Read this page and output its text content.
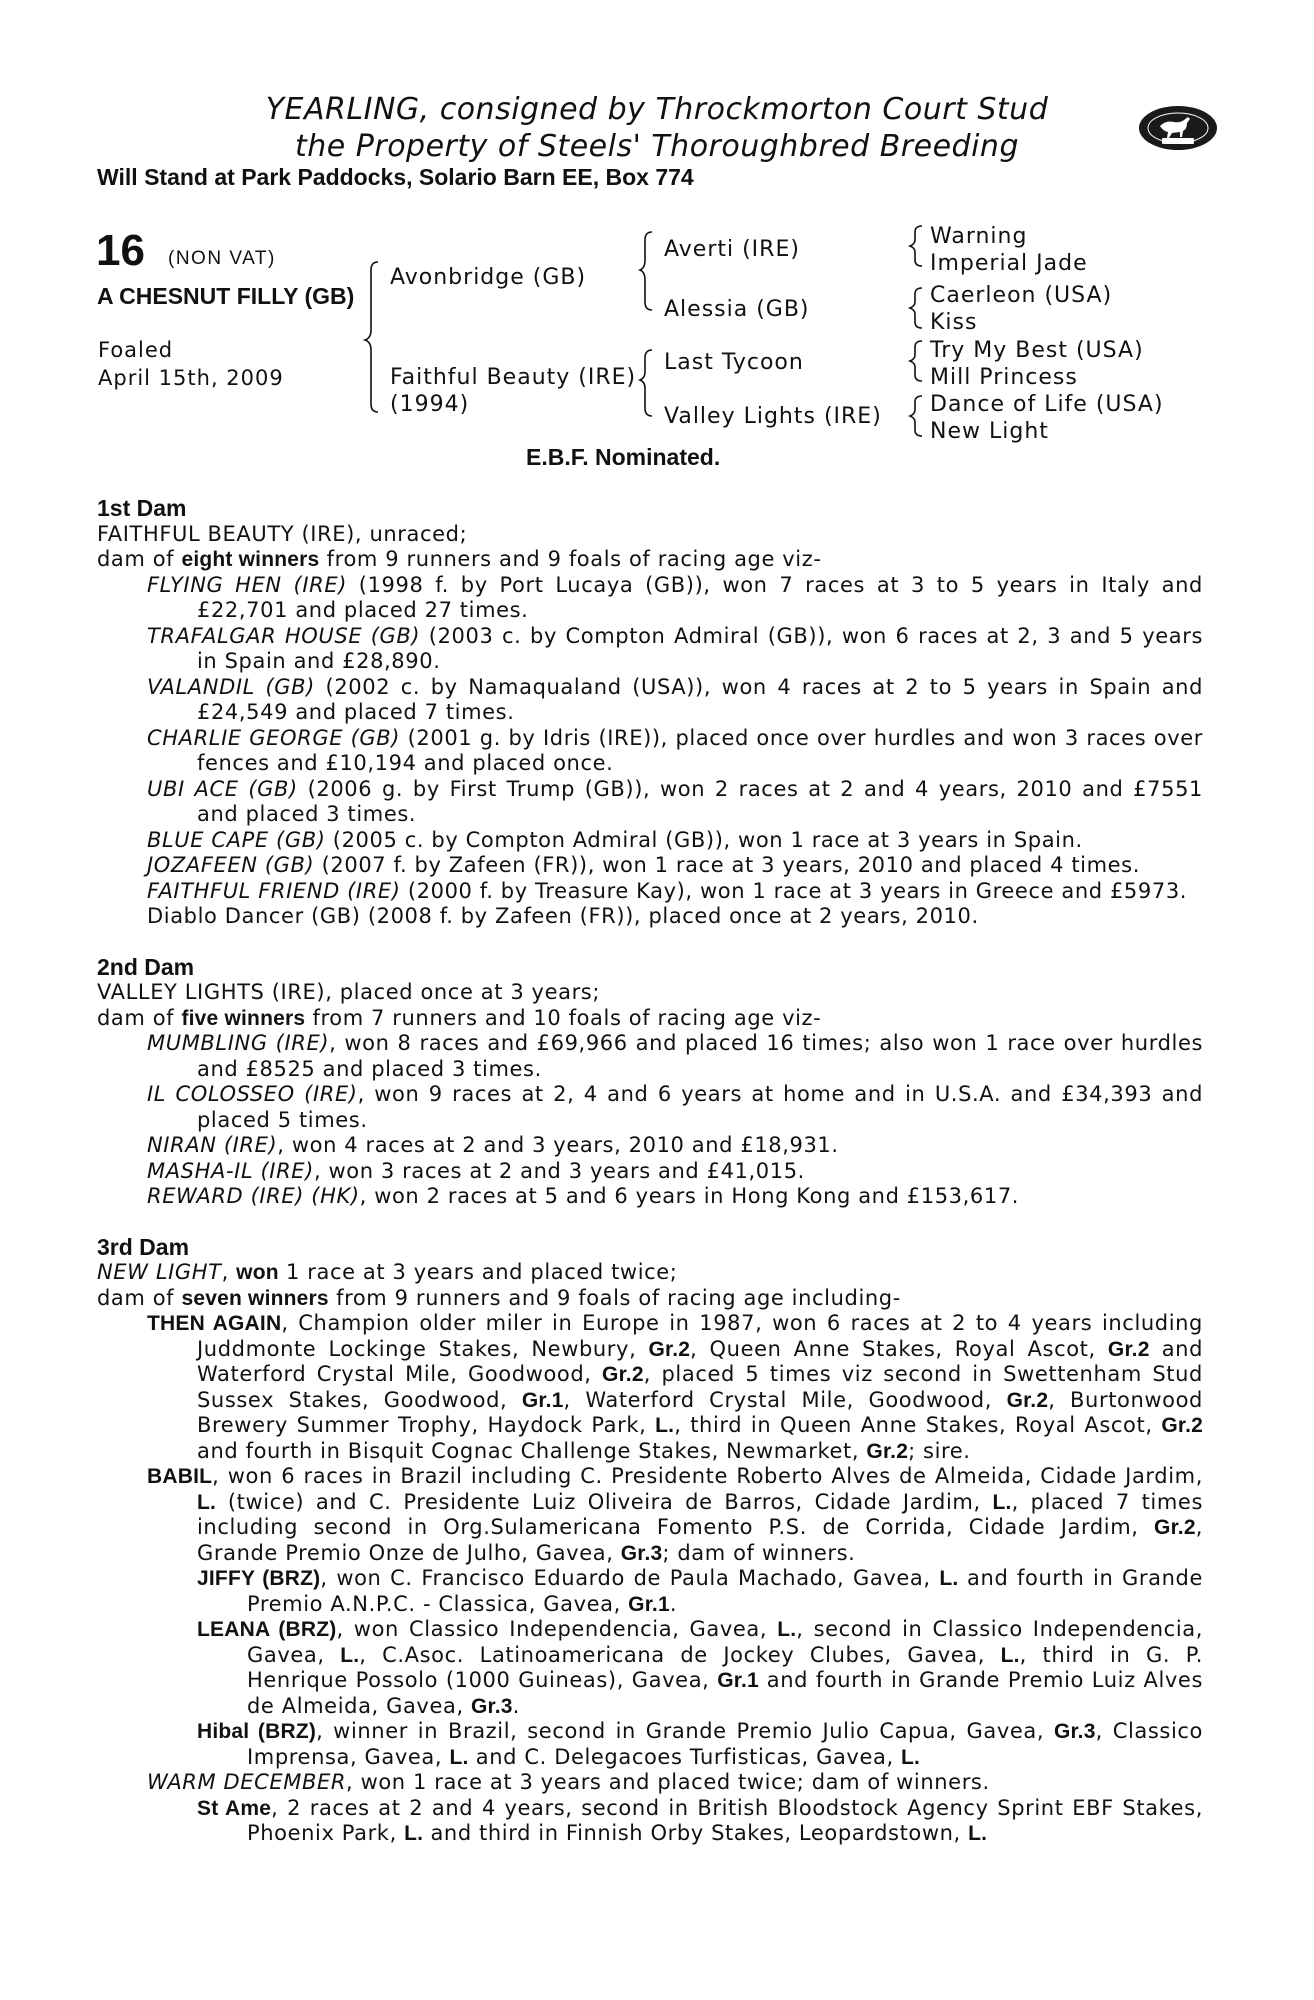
YEARLING, consigned by Throckmorton Court Stud
the Property of Steels' Thoroughbred Breeding
Will Stand at Park Paddocks, Solario Barn EE, Box 774
16 (NON VAT)
A CHESNUT FILLY (GB)
Foaled
April 15th, 2009
Avonbridge (GB)
Faithful Beauty (IRE)
(1994)
Averti (IRE)
Alessia (GB)
Last Tycoon
Valley Lights (IRE)
Warning
Imperial Jade
Caerleon (USA)
Kiss
Try My Best (USA)
Mill Princess
Dance of Life (USA)
New Light
E.B.F. Nominated.
1st Dam

FAITHFUL BEAUTY (IRE), unraced;

dam of eight winners from 9 runners and 9 foals of racing age viz-

FLYING HEN (IRE) (1998 f. by Port Lucaya (GB)), won 7 races at 3 to 5 years in Italy and £22,701 and placed 27 times.

TRAFALGAR HOUSE (GB) (2003 c. by Compton Admiral (GB)), won 6 races at 2, 3 and 5 years in Spain and £28,890.

VALANDIL (GB) (2002 c. by Namaqualand (USA)), won 4 races at 2 to 5 years in Spain and £24,549 and placed 7 times.

CHARLIE GEORGE (GB) (2001 g. by Idris (IRE)), placed once over hurdles and won 3 races over fences and £10,194 and placed once.

UBI ACE (GB) (2006 g. by First Trump (GB)), won 2 races at 2 and 4 years, 2010 and £7551 and placed 3 times.

BLUE CAPE (GB) (2005 c. by Compton Admiral (GB)), won 1 race at 3 years in Spain.

JOZAFEEN (GB) (2007 f. by Zafeen (FR)), won 1 race at 3 years, 2010 and placed 4 times.

FAITHFUL FRIEND (IRE) (2000 f. by Treasure Kay), won 1 race at 3 years in Greece and £5973.

Diablo Dancer (GB) (2008 f. by Zafeen (FR)), placed once at 2 years, 2010.

2nd Dam

VALLEY LIGHTS (IRE), placed once at 3 years;

dam of five winners from 7 runners and 10 foals of racing age viz-

MUMBLING (IRE), won 8 races and £69,966 and placed 16 times; also won 1 race over hurdles and £8525 and placed 3 times.

IL COLOSSEO (IRE), won 9 races at 2, 4 and 6 years at home and in U.S.A. and £34,393 and placed 5 times.

NIRAN (IRE), won 4 races at 2 and 3 years, 2010 and £18,931.

MASHA-IL (IRE), won 3 races at 2 and 3 years and £41,015.

REWARD (IRE) (HK), won 2 races at 5 and 6 years in Hong Kong and £153,617.

3rd Dam

NEW LIGHT, won 1 race at 3 years and placed twice;

dam of seven winners from 9 runners and 9 foals of racing age including-

THEN AGAIN, Champion older miler in Europe in 1987, won 6 races at 2 to 4 years including Juddmonte Lockinge Stakes, Newbury, Gr.2, Queen Anne Stakes, Royal Ascot, Gr.2 and Waterford Crystal Mile, Goodwood, Gr.2, placed 5 times viz second in Swettenham Stud Sussex Stakes, Goodwood, Gr.1, Waterford Crystal Mile, Goodwood, Gr.2, Burtonwood Brewery Summer Trophy, Haydock Park, L., third in Queen Anne Stakes, Royal Ascot, Gr.2 and fourth in Bisquit Cognac Challenge Stakes, Newmarket, Gr.2; sire.

BABIL, won 6 races in Brazil including C. Presidente Roberto Alves de Almeida, Cidade Jardim, L. (twice) and C. Presidente Luiz Oliveira de Barros, Cidade Jardim, L., placed 7 times including second in Org.Sulamericana Fomento P.S. de Corrida, Cidade Jardim, Gr.2, Grande Premio Onze de Julho, Gavea, Gr.3; dam of winners.

JIFFY (BRZ), won C. Francisco Eduardo de Paula Machado, Gavea, L. and fourth in Grande Premio A.N.P.C. - Classica, Gavea, Gr.1.

LEANA (BRZ), won Classico Independencia, Gavea, L., second in Classico Independencia, Gavea, L., C.Asoc. Latinoamericana de Jockey Clubes, Gavea, L., third in G. P. Henrique Possolo (1000 Guineas), Gavea, Gr.1 and fourth in Grande Premio Luiz Alves de Almeida, Gavea, Gr.3.

Hibal (BRZ), winner in Brazil, second in Grande Premio Julio Capua, Gavea, Gr.3, Classico Imprensa, Gavea, L. and C. Delegacoes Turfisticas, Gavea, L.

WARM DECEMBER, won 1 race at 3 years and placed twice; dam of winners.

St Ame, 2 races at 2 and 4 years, second in British Bloodstock Agency Sprint EBF Stakes, Phoenix Park, L. and third in Finnish Orby Stakes, Leopardstown, L.
